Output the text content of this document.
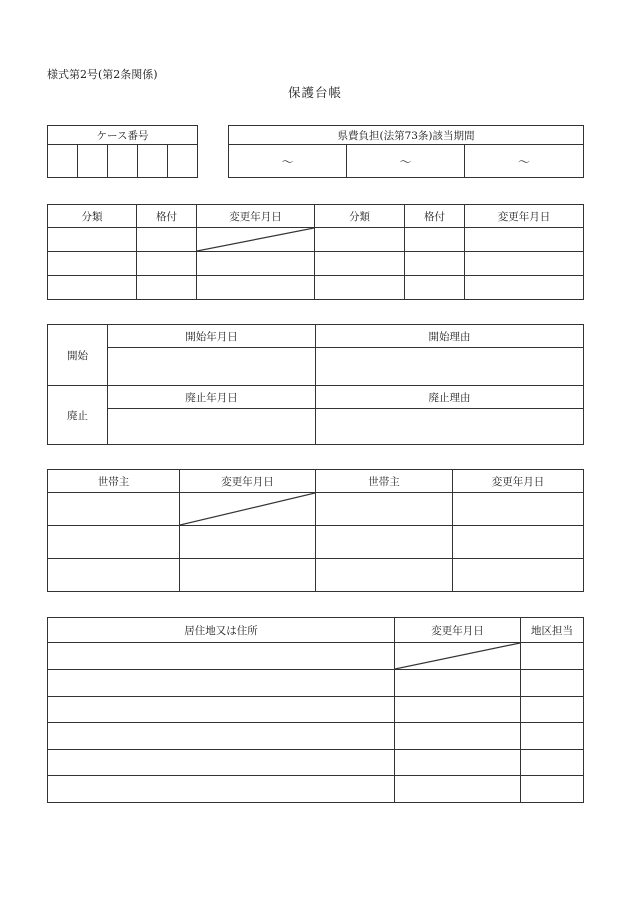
様式第2号(第2条関係)
保護台帳
ケース番号
					県費負担(法第73条)該当期間
～	～	～
分類	格付	変更年月日	分類	格付	変更年月日

開始	開始年月日	開始理由

廃止	廃止年月日	廃止理由

世帯主	変更年月日	世帯主	変更年月日

居住地又は住所	変更年月日	地区担当
